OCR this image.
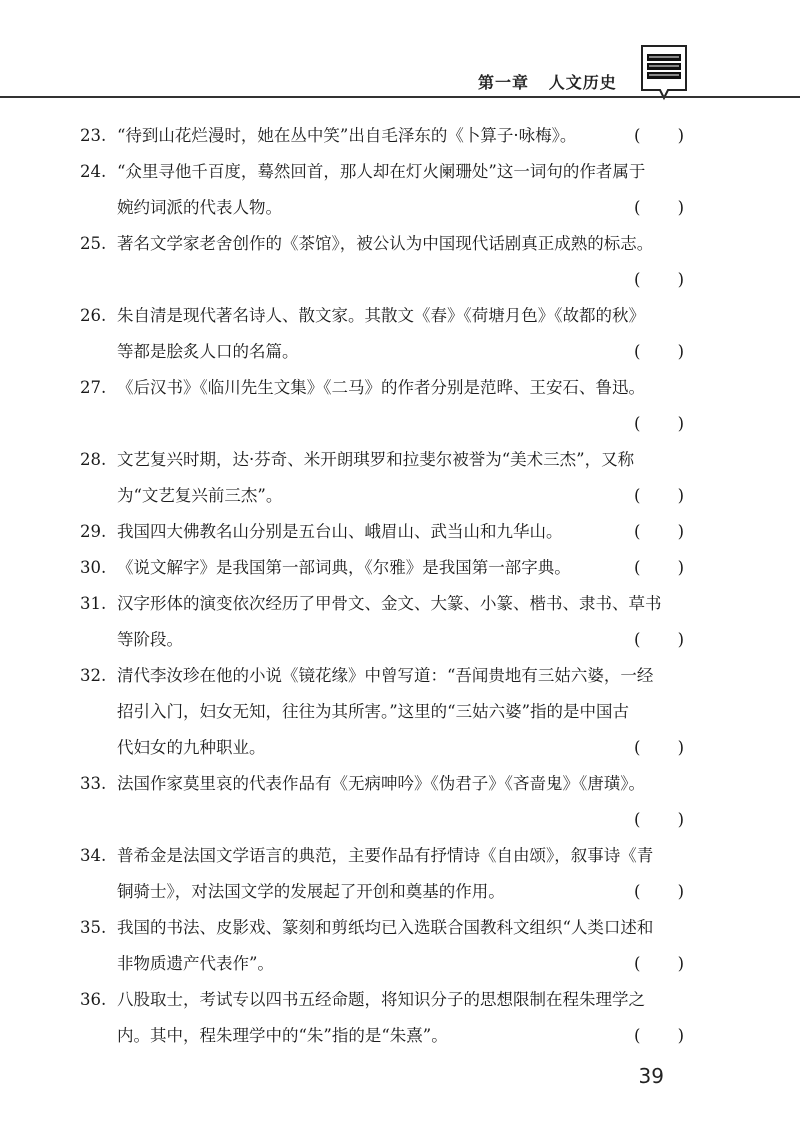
第一章 人文历史
23. “待到山花烂漫时，她在丛中笑”出自毛泽东的《卜算子·咏梅》。	( )
24. “众里寻他千百度，蓦然回首，那人却在灯火阑珊处”这一词句的作者属于
婉约词派的代表人物。	( )
25. 著名文学家老舍创作的《茶馆》，被公认为中国现代话剧真正成熟的标志。
( )
26. 朱自清是现代著名诗人、散文家。其散文《春》《荷塘月色》《故都的秋》
等都是脍炙人口的名篇。	( )
27. 《后汉书》《临川先生文集》《二马》的作者分别是范晔、王安石、鲁迅。
( )
28. 文艺复兴时期，达·芬奇、米开朗琪罗和拉斐尔被誉为“美术三杰”，又称
为“文艺复兴前三杰”。	( )
29. 我国四大佛教名山分别是五台山、峨眉山、武当山和九华山。	( )
30. 《说文解字》是我国第一部词典，《尔雅》是我国第一部字典。	( )
31. 汉字形体的演变依次经历了甲骨文、金文、大篆、小篆、楷书、隶书、草书
等阶段。	( )
32. 清代李汝珍在他的小说《镜花缘》中曾写道：“吾闻贵地有三姑六婆，一经
招引入门，妇女无知，往往为其所害。”这里的“三姑六婆”指的是中国古
代妇女的九种职业。	( )
33. 法国作家莫里哀的代表作品有《无病呻吟》《伪君子》《吝啬鬼》《唐璜》。
( )
34. 普希金是法国文学语言的典范，主要作品有抒情诗《自由颂》，叙事诗《青
铜骑士》，对法国文学的发展起了开创和奠基的作用。	( )
35. 我国的书法、皮影戏、篆刻和剪纸均已入选联合国教科文组织“人类口述和
非物质遗产代表作”。	( )
36. 八股取士，考试专以四书五经命题，将知识分子的思想限制在程朱理学之
内。其中，程朱理学中的“朱”指的是“朱熹”。	( )
39
